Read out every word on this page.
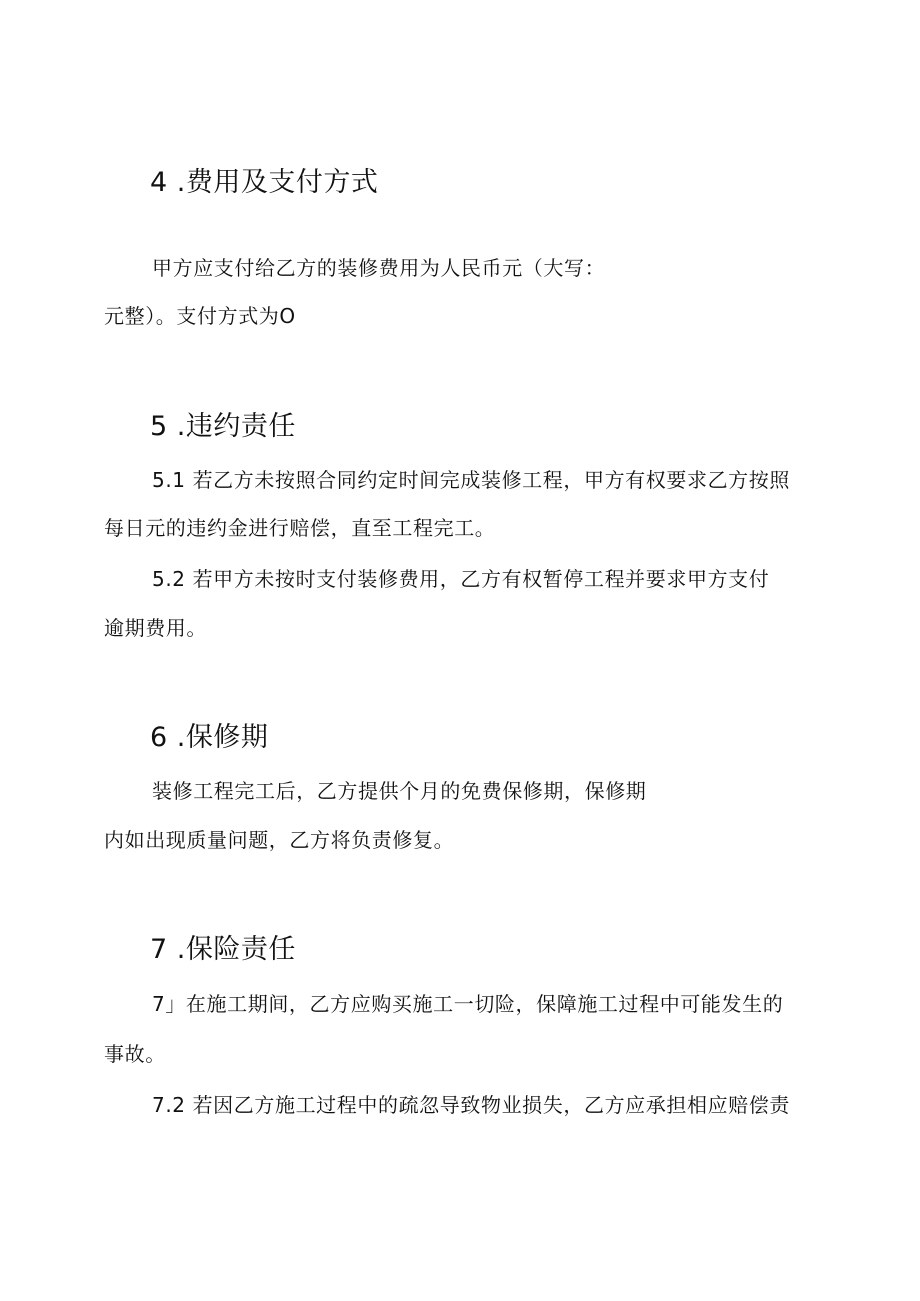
4 .费用及支付方式
甲方应支付给乙方的装修费用为人民币元（大写：
元整）。支付方式为O
5 .违约责任
5.1 若乙方未按照合同约定时间完成装修工程，甲方有权要求乙方按照
每日元的违约金进行赔偿，直至工程完工。
5.2 若甲方未按时支付装修费用，乙方有权暂停工程并要求甲方支付
逾期费用。
6 .保修期
装修工程完工后，乙方提供个月的免费保修期，保修期
内如出现质量问题，乙方将负责修复。
7 .保险责任
7」在施工期间，乙方应购买施工一切险，保障施工过程中可能发生的
事故。
7.2 若因乙方施工过程中的疏忽导致物业损失，乙方应承担相应赔偿责
